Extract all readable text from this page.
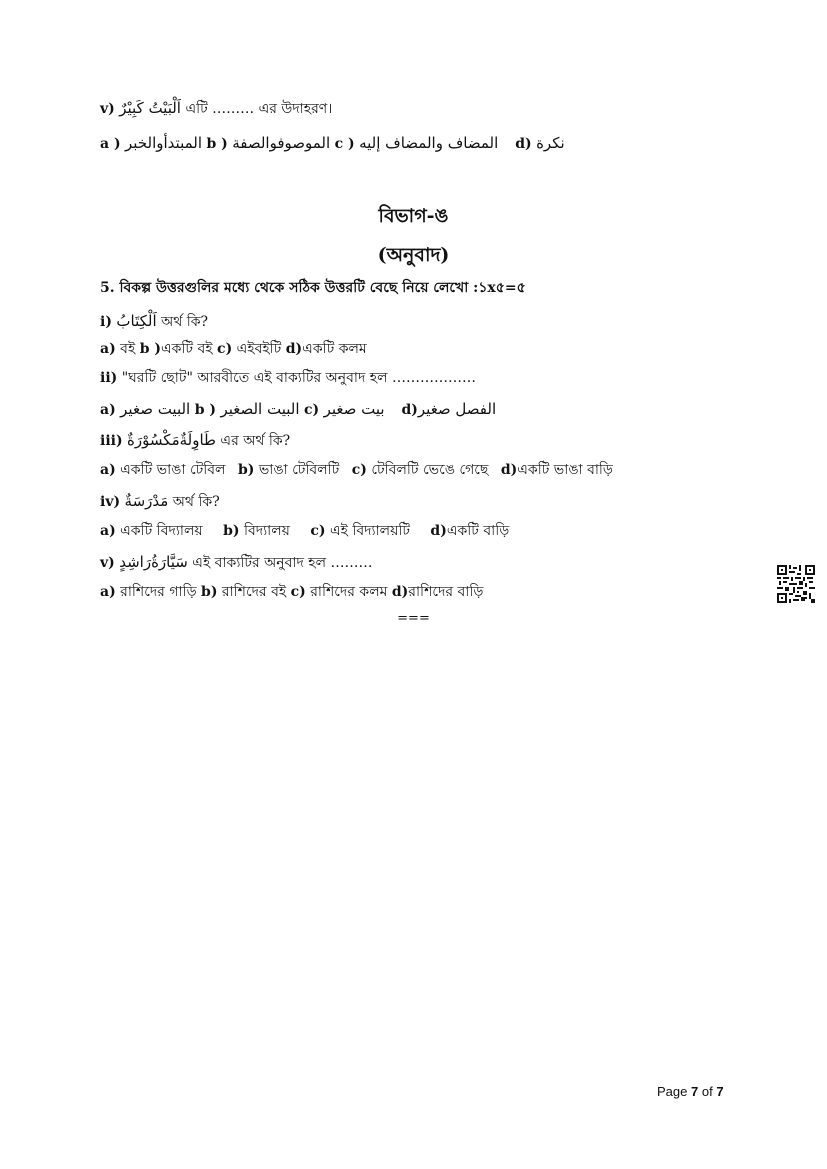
v) اَلْبَيْتُ كَبِيْرٌ এটি ……… এর উদাহরণ।
a ) المبتدأوالخبر b ) الموصوفوالصفة c ) المضاف والمضاف إليه d) نكرة
বিভাগ-ঙ
(অনুবাদ)
5. বিকল্প উত্তরগুলির মধ্যে থেকে সঠিক উত্তরটি বেছে নিয়ে লেখো :১x৫=৫
i) اَلْكِتَابُ অর্থ কি?
a) বই b )একটি বই c) এইবইটি d)একটি কলম
ii) "ঘরটি ছোট" আরবীতে এই বাক্যটির অনুবাদ হল ………………
a) البيت صغير b ) البيت الصغير c) بيت صغير d)الفصل صغير
iii) طَاوِلَةٌمَكْسُوْرَةٌ এর অর্থ কি?
a) একটি ভাঙা টেবিল b) ভাঙা টেবিলটি c) টেবিলটি ভেঙে গেছে d)একটি ভাঙা বাড়ি
iv) مَدْرَسَةٌ অর্থ কি?
a) একটি বিদ্যালয় b) বিদ্যালয় c) এই বিদ্যালয়টি d)একটি বাড়ি
v) سَيَّارَةُرَاشِدٍ এই বাক্যটির অনুবাদ হল ………
a) রাশিদের গাড়ি b) রাশিদের বই c) রাশিদের কলম d)রাশিদের বাড়ি
===
Page 7 of 7
